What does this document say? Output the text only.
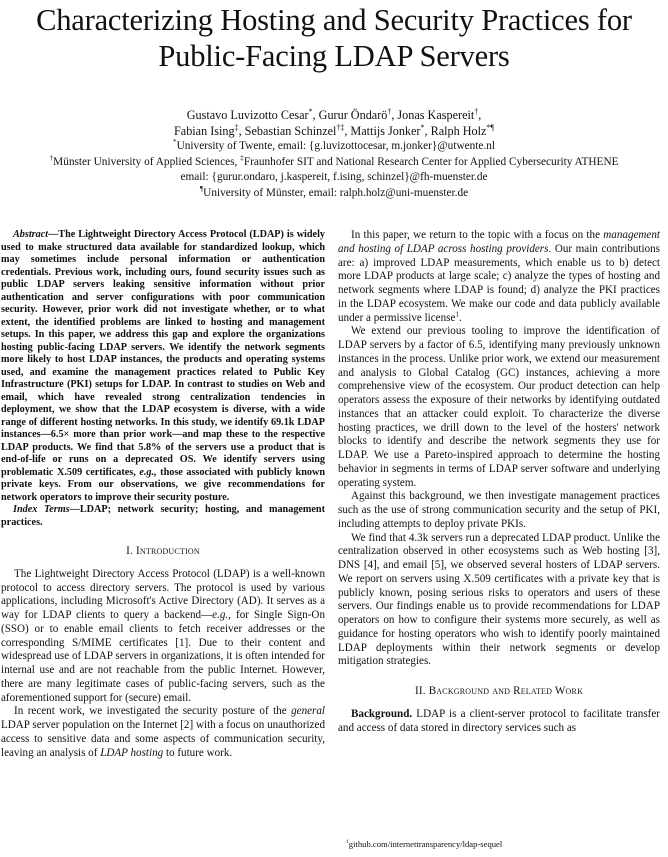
Characterizing Hosting and Security Practices for
Public-Facing LDAP Servers
Gustavo Luvizotto Cesar*, Gurur Öndarö†, Jonas Kaspereit†,
Fabian Ising‡, Sebastian Schinzel†‡, Mattijs Jonker*, Ralph Holz*¶
*University of Twente, email: {g.luvizottocesar, m.jonker}@utwente.nl
†Münster University of Applied Sciences, ‡Fraunhofer SIT and National Research Center for Applied Cybersecurity ATHENE
email: {gurur.ondaro, j.kaspereit, f.ising, schinzel}@fh-muenster.de
¶University of Münster, email: ralph.holz@uni-muenster.de

Abstract—The Lightweight Directory Access Protocol (LDAP) is widely used to make structured data available for standardized lookup, which may sometimes include personal information or authentication credentials. Previous work, including ours, found security issues such as public LDAP servers leaking sensitive information without prior authentication and server configurations with poor communication security. However, prior work did not investigate whether, or to what extent, the identified problems are linked to hosting and management setups. In this paper, we address this gap and explore the organizations hosting public-facing LDAP servers. We identify the network segments more likely to host LDAP instances, the products and operating systems used, and examine the management practices related to Public Key Infrastructure (PKI) setups for LDAP. In contrast to studies on Web and email, which have revealed strong centralization tendencies in deployment, we show that the LDAP ecosystem is diverse, with a wide range of different hosting networks. In this study, we identify 69.1k LDAP instances—6.5× more than prior work—and map these to the respective LDAP products. We find that 5.8% of the servers use a product that is end-of-life or runs on a deprecated OS. We identify servers using problematic X.509 certificates, e.g., those associated with publicly known private keys. From our observations, we give recommendations for network operators to improve their security posture.

Index Terms—LDAP; network security; hosting, and management practices.

I. Introduction

The Lightweight Directory Access Protocol (LDAP) is a well-known protocol to access directory servers. The protocol is used by various applications, including Microsoft's Active Directory (AD). It serves as a way for LDAP clients to query a backend—e.g., for Single Sign-On (SSO) or to enable email clients to fetch receiver addresses or the corresponding S/MIME certificates [1]. Due to their content and widespread use of LDAP servers in organizations, it is often intended for internal use and are not reachable from the public Internet. However, there are many legitimate cases of public-facing servers, such as the aforementioned support for (secure) email.

In recent work, we investigated the security posture of the general LDAP server population on the Internet [2] with a focus on unauthorized access to sensitive data and some aspects of communication security, leaving an analysis of LDAP hosting to future work.

In this paper, we return to the topic with a focus on the management and hosting of LDAP across hosting providers. Our main contributions are: a) improved LDAP measurements, which enable us to b) detect more LDAP products at large scale; c) analyze the types of hosting and network segments where LDAP is found; d) analyze the PKI practices in the LDAP ecosystem. We make our code and data publicly available under a permissive license$^1$.

We extend our previous tooling to improve the identification of LDAP servers by a factor of 6.5, identifying many previously unknown instances in the process. Unlike prior work, we extend our measurement and analysis to Global Catalog (GC) instances, achieving a more comprehensive view of the ecosystem. Our product detection can help operators assess the exposure of their networks by identifying outdated instances that an attacker could exploit. To characterize the diverse hosting practices, we drill down to the level of the hosters' network blocks to identify and describe the network segments they use for LDAP. We use a Pareto-inspired approach to determine the hosting behavior in segments in terms of LDAP server software and underlying operating system.

Against this background, we then investigate management practices such as the use of strong communication security and the setup of PKI, including attempts to deploy private PKIs.

We find that 4.3k servers run a deprecated LDAP product. Unlike the centralization observed in other ecosystems such as Web hosting [3], DNS [4], and email [5], we observed several hosters of LDAP servers. We report on servers using X.509 certificates with a private key that is publicly known, posing serious risks to operators and users of these servers. Our findings enable us to provide recommendations for LDAP operators on how to configure their systems more securely, as well as guidance for hosting operators who wish to identify poorly maintained LDAP deployments within their network segments or develop mitigation strategies.

II. Background and Related Work

Background. LDAP is a client-server protocol to facilitate transfer and access of data stored in directory services such as

$^1$github.com/internettransparency/ldap-sequel
